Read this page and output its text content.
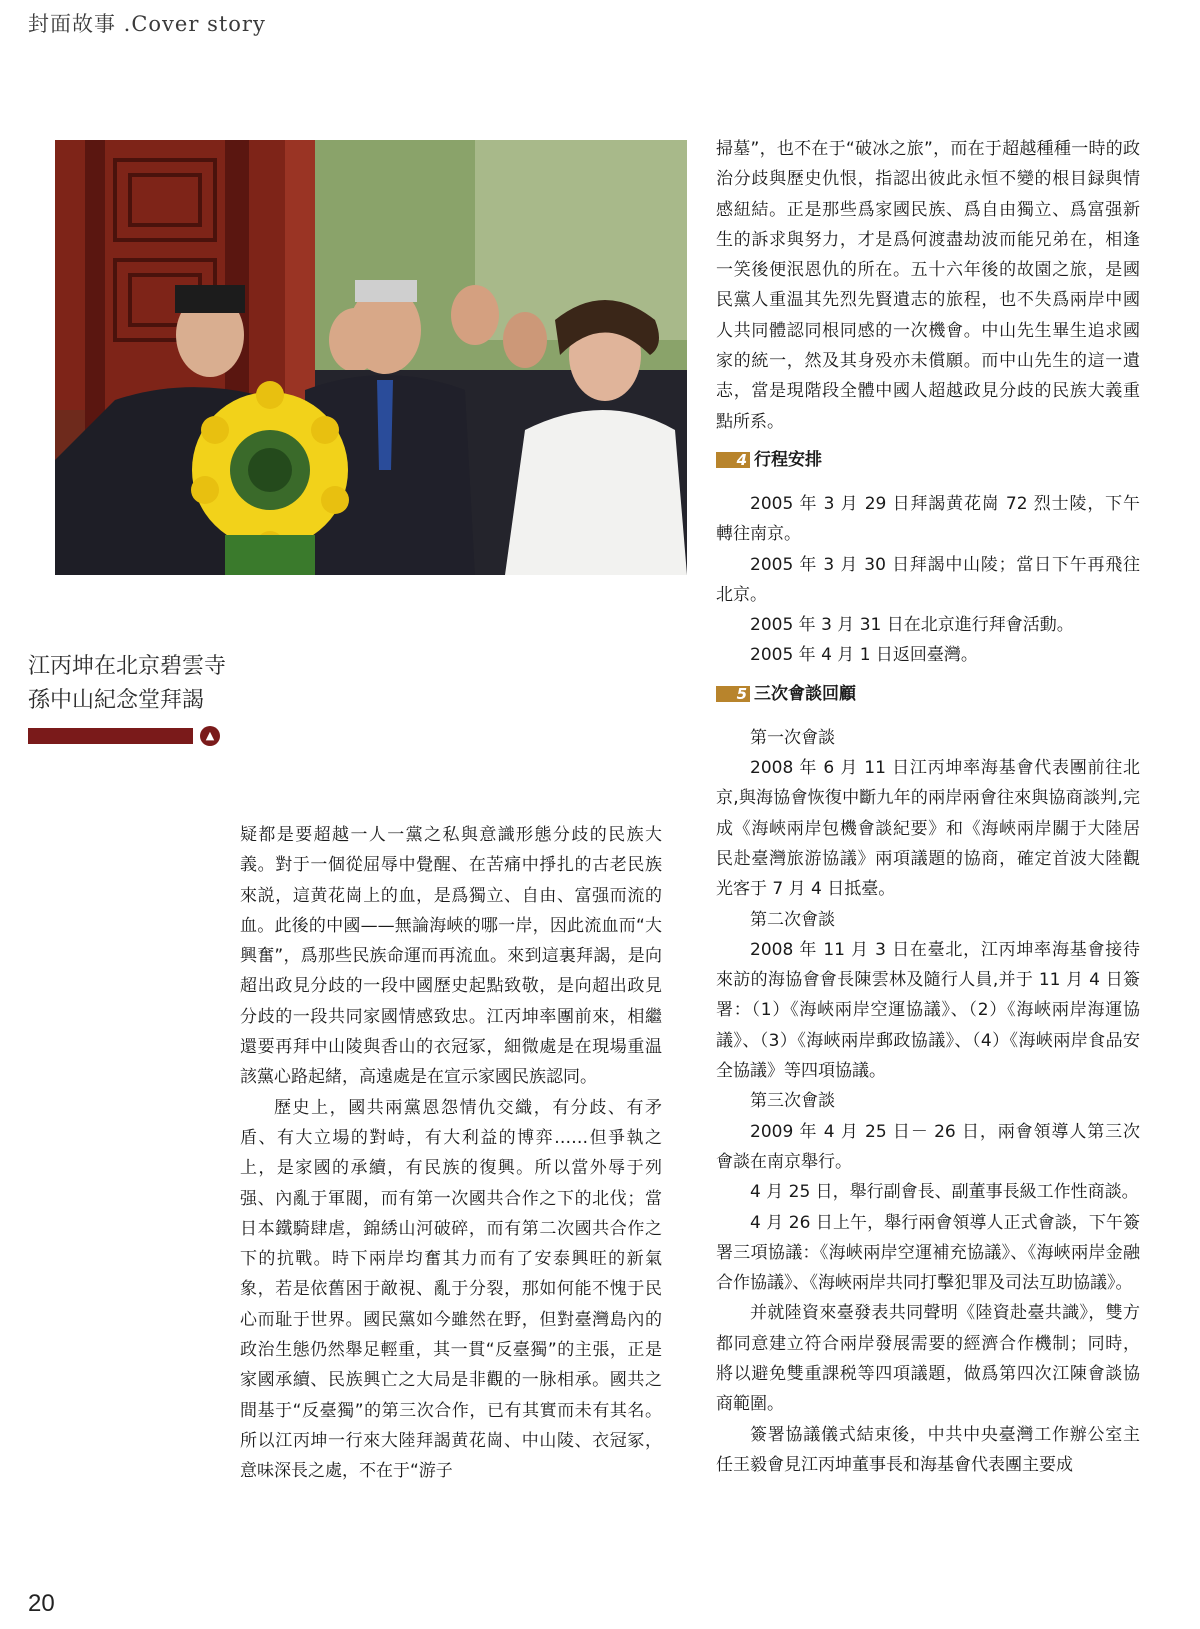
封面故事 .Cover story
江丙坤在北京碧雲寺
孫中山紀念堂拜謁
▲

疑都是要超越一人一黨之私與意識形態分歧的民族大義。對于一個從屈辱中覺醒、在苦痛中掙扎的古老民族來説，這黄花崗上的血，是爲獨立、自由、富强而流的血。此後的中國——無論海峽的哪一岸，因此流血而“大興奮”，爲那些民族命運而再流血。來到這裏拜謁，是向超出政見分歧的一段中國歷史起點致敬，是向超出政見分歧的一段共同家國情感致忠。江丙坤率團前來，相繼還要再拜中山陵與香山的衣冠冢，細微處是在現場重温該黨心路起緒，高遠處是在宣示家國民族認同。

歷史上，國共兩黨恩怨情仇交織，有分歧、有矛盾、有大立場的對峙，有大利益的博弈……但爭執之上，是家國的承續，有民族的復興。所以當外辱于列强、內亂于軍閥，而有第一次國共合作之下的北伐；當日本鐵騎肆虐，錦綉山河破碎，而有第二次國共合作之下的抗戰。時下兩岸均奮其力而有了安泰興旺的新氣象，若是依舊困于敵視、亂于分裂，那如何能不愧于民心而耻于世界。國民黨如今雖然在野，但對臺灣島內的政治生態仍然舉足輕重，其一貫“反臺獨”的主張，正是家國承續、民族興亡之大局是非觀的一脉相承。國共之間基于“反臺獨”的第三次合作，已有其實而未有其名。所以江丙坤一行來大陸拜謁黄花崗、中山陵、衣冠冢，意味深長之處，不在于“游子

掃墓”，也不在于“破冰之旅”，而在于超越種種一時的政治分歧與歷史仇恨，指認出彼此永恒不變的根目録與情感紐結。正是那些爲家國民族、爲自由獨立、爲富强新生的訴求與努力，才是爲何渡盡劫波而能兄弟在，相逢一笑後便泯恩仇的所在。五十六年後的故園之旅，是國民黨人重温其先烈先賢遺志的旅程，也不失爲兩岸中國人共同體認同根同感的一次機會。中山先生畢生追求國家的統一，然及其身殁亦未償願。而中山先生的這一遺志，當是現階段全體中國人超越政見分歧的民族大義重點所系。

4 行程安排

2005 年 3 月 29 日拜謁黄花崗 72 烈士陵，下午轉往南京。

2005 年 3 月 30 日拜謁中山陵；當日下午再飛往北京。

2005 年 3 月 31 日在北京進行拜會活動。

2005 年 4 月 1 日返回臺灣。

5 三次會談回顧

第一次會談

2008 年 6 月 11 日江丙坤率海基會代表團前往北京,與海協會恢復中斷九年的兩岸兩會往來與協商談判,完成《海峽兩岸包機會談紀要》和《海峽兩岸關于大陸居民赴臺灣旅游協議》兩項議題的協商，確定首波大陸觀光客于 7 月 4 日抵臺。

第二次會談

2008 年 11 月 3 日在臺北，江丙坤率海基會接待來訪的海協會會長陳雲林及隨行人員,并于 11 月 4 日簽署：（1）《海峽兩岸空運協議》、（2）《海峽兩岸海運協議》、（3）《海峽兩岸郵政協議》、（4）《海峽兩岸食品安全協議》等四項協議。

第三次會談

2009 年 4 月 25 日－ 26 日，兩會領導人第三次會談在南京舉行。

4 月 25 日，舉行副會長、副董事長級工作性商談。

4 月 26 日上午，舉行兩會領導人正式會談，下午簽署三項協議：《海峽兩岸空運補充協議》、《海峽兩岸金融合作協議》、《海峽兩岸共同打擊犯罪及司法互助協議》。

并就陸資來臺發表共同聲明《陸資赴臺共識》，雙方都同意建立符合兩岸發展需要的經濟合作機制；同時，將以避免雙重課税等四項議題，做爲第四次江陳會談協商範圍。

簽署協議儀式結束後，中共中央臺灣工作辦公室主任王毅會見江丙坤董事長和海基會代表團主要成

20
